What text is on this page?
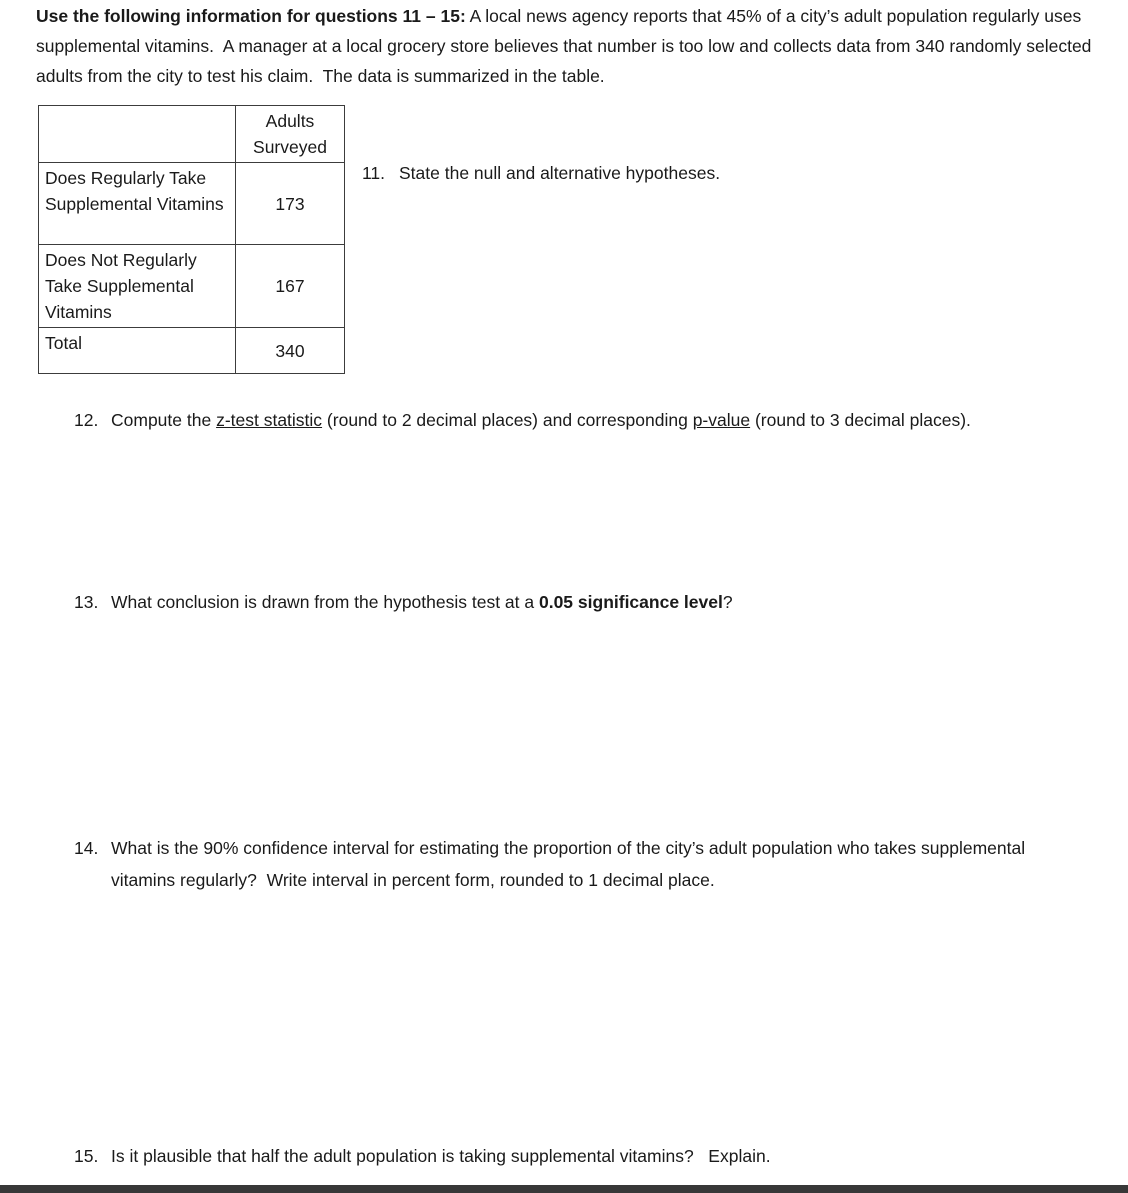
Use the following information for questions 11 – 15: A local news agency reports that 45% of a city’s adult population regularly uses supplemental vitamins.  A manager at a local grocery store believes that number is too low and collects data from 340 randomly selected adults from the city to test his claim.  The data is summarized in the table.

	Adults Surveyed
Does Regularly Take Supplemental Vitamins	173
Does Not Regularly Take Supplemental Vitamins	167
Total	340
11. State the null and alternative hypotheses.
12. Compute the z-test statistic (round to 2 decimal places) and corresponding p-value (round to 3 decimal places).
13. What conclusion is drawn from the hypothesis test at a 0.05 significance level?
14. What is the 90% confidence interval for estimating the proportion of the city’s adult population who takes supplemental vitamins regularly?  Write interval in percent form, rounded to 1 decimal place.
15. Is it plausible that half the adult population is taking supplemental vitamins?   Explain.
